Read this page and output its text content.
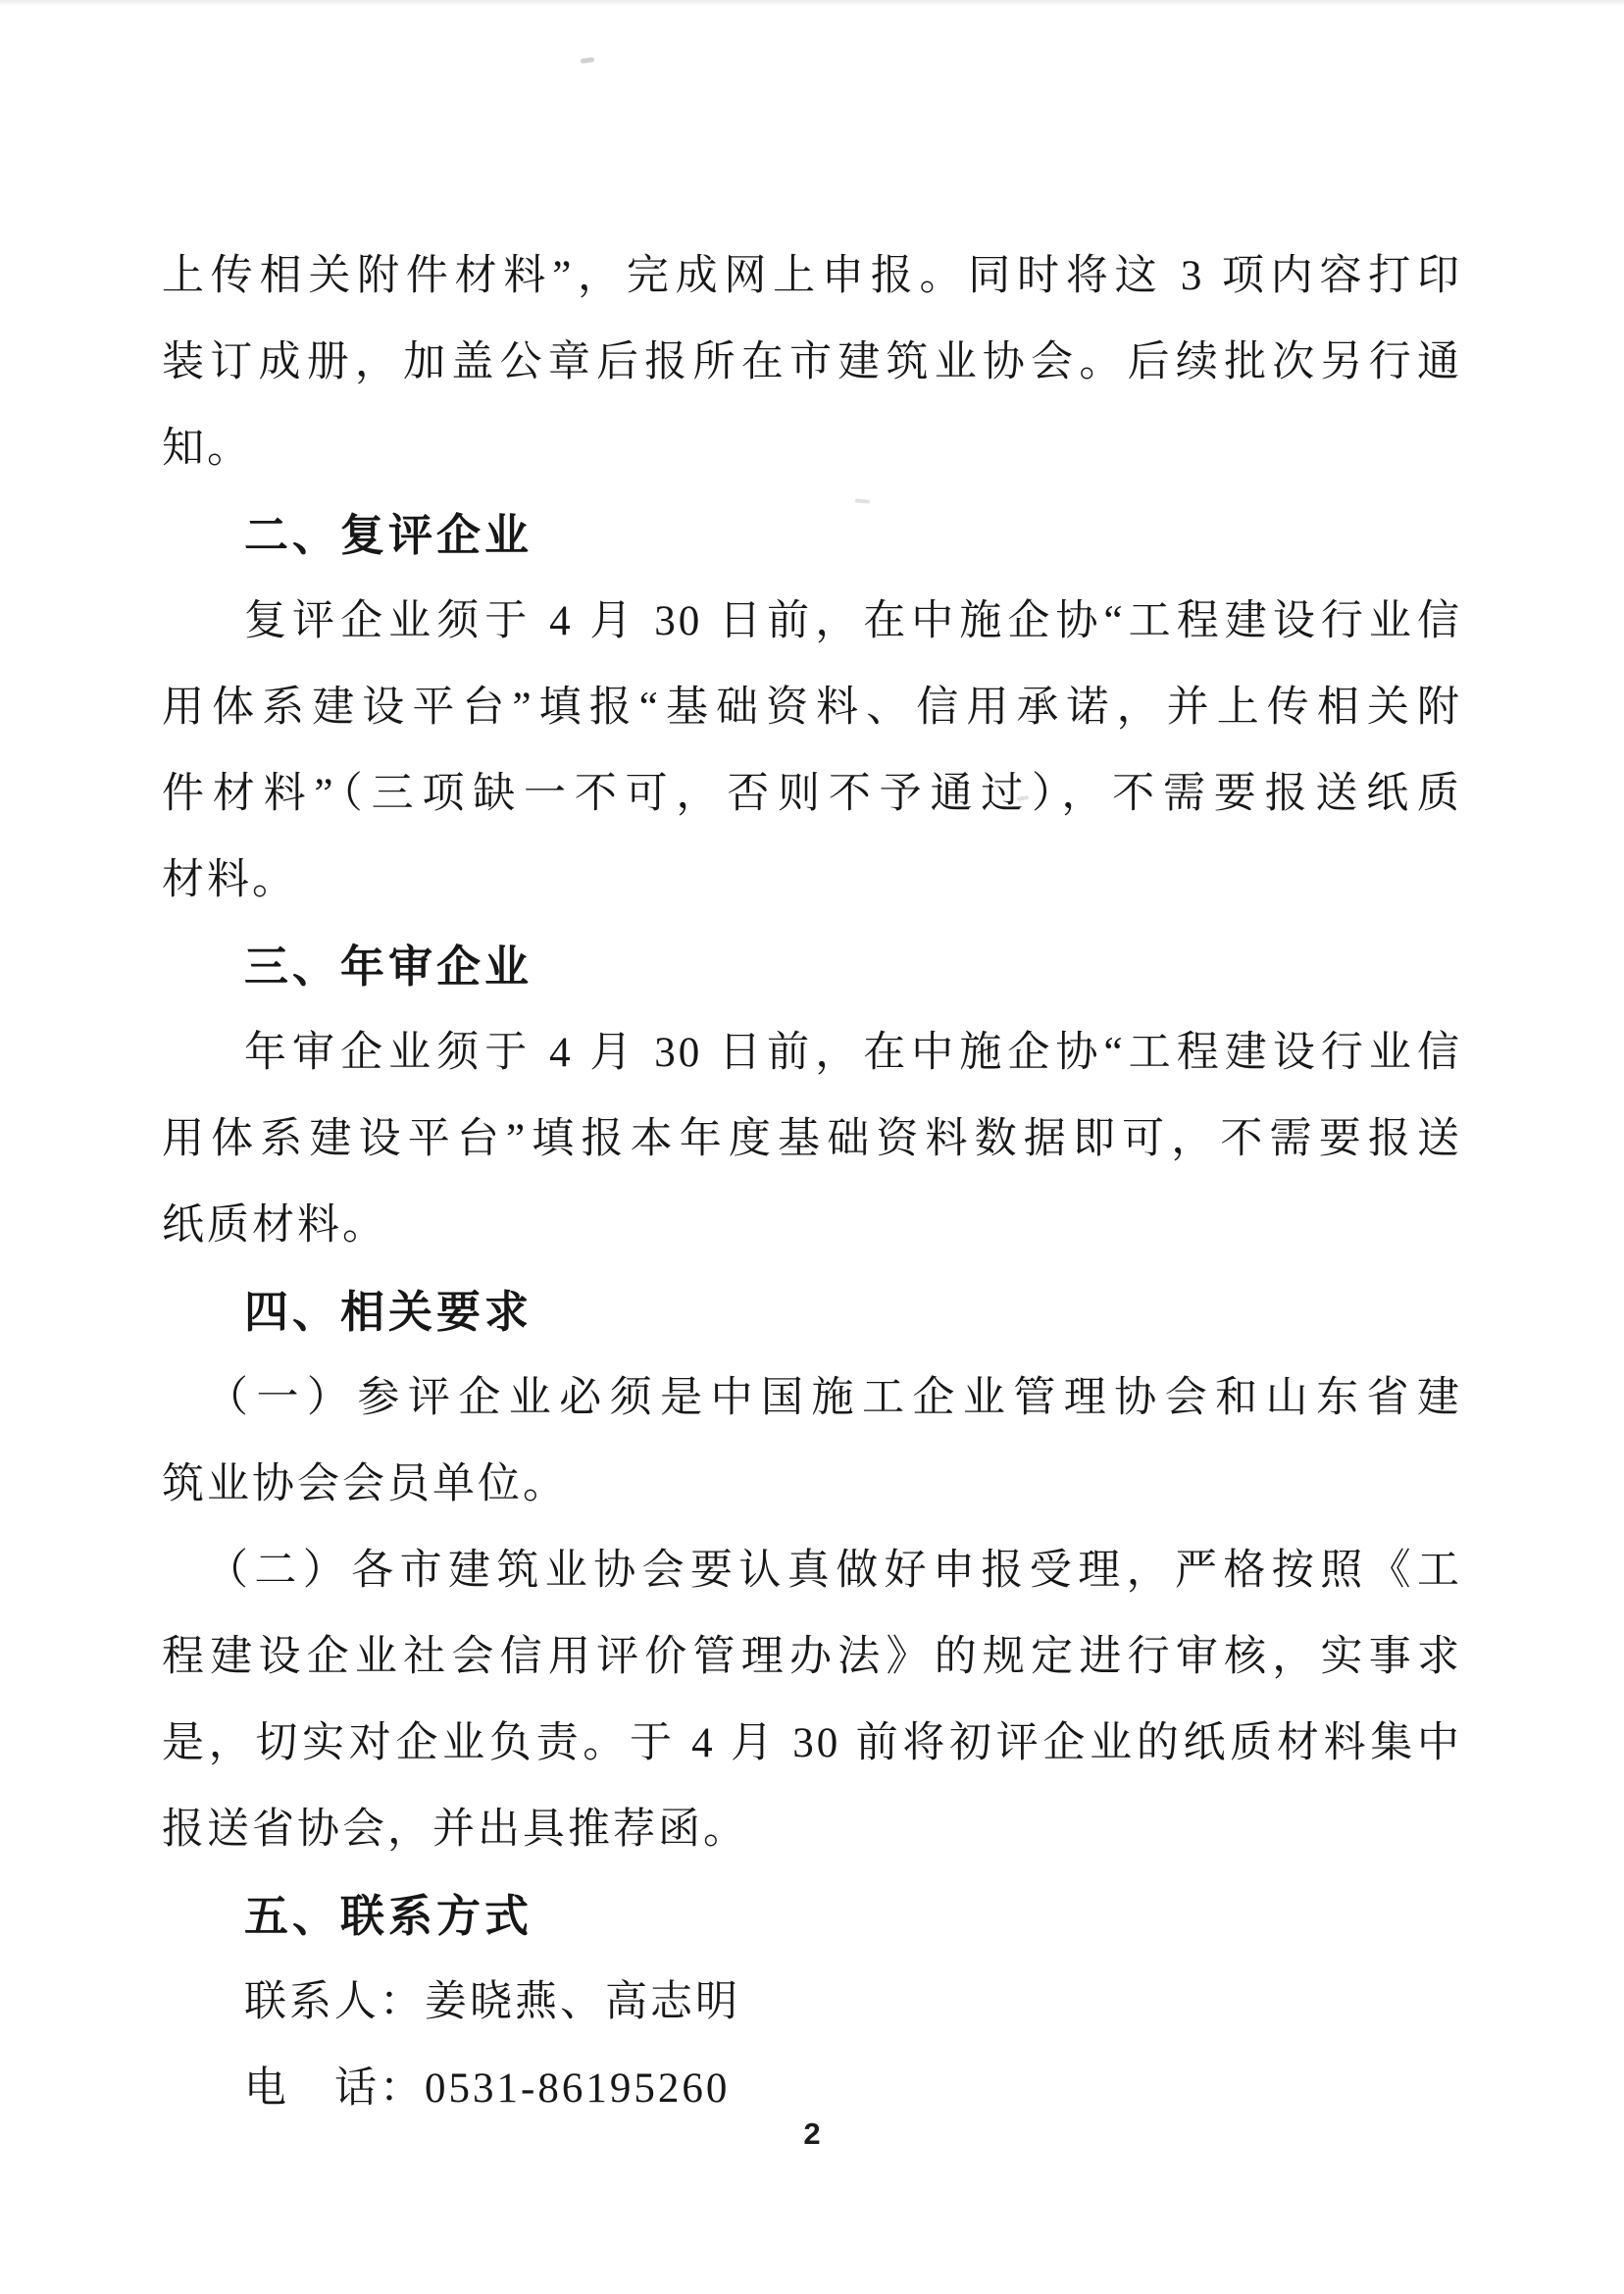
上传相关附件材料”，完成网上申报。同时将这 3 项内容打印
装订成册，加盖公章后报所在市建筑业协会。后续批次另行通
知。
二、复评企业
复评企业须于 4 月 30 日前，在中施企协“工程建设行业信
用体系建设平台”填报“基础资料、信用承诺，并上传相关附
件材料”（三项缺一不可，否则不予通过），不需要报送纸质
材料。
三、年审企业
年审企业须于 4 月 30 日前，在中施企协“工程建设行业信
用体系建设平台”填报本年度基础资料数据即可，不需要报送
纸质材料。
四、相关要求
（一）参评企业必须是中国施工企业管理协会和山东省建
筑业协会会员单位。
（二）各市建筑业协会要认真做好申报受理，严格按照《工
程建设企业社会信用评价管理办法》的规定进行审核，实事求
是，切实对企业负责。于 4 月 30 前将初评企业的纸质材料集中
报送省协会，并出具推荐函。
五、联系方式
联系人：姜晓燕、高志明
电　话：0531-86195260
2
